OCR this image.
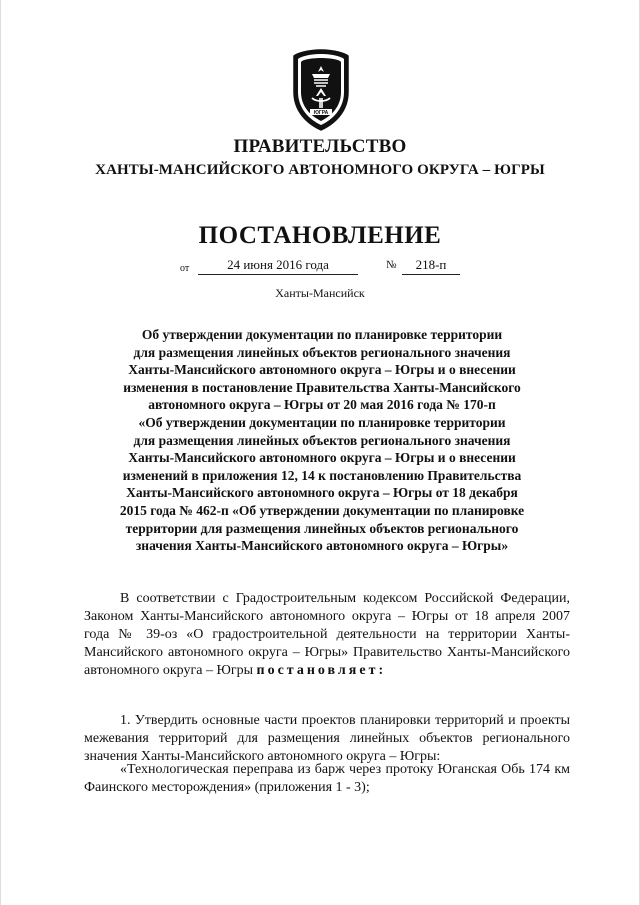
ЮГРА
ПРАВИТЕЛЬСТВО
ХАНТЫ-МАНСИЙСКОГО АВТОНОМНОГО ОКРУГА – ЮГРЫ
ПОСТАНОВЛЕНИЕ
от	24 июня 2016 года	№	218-п
Ханты-Мансийск
Об утверждении документации по планировке территории
для размещения линейных объектов регионального значения
Ханты-Мансийского автономного округа – Югры и о внесении
изменения в постановление Правительства Ханты-Мансийского
автономного округа – Югры от 20 мая 2016 года № 170-п
«Об утверждении документации по планировке территории
для размещения линейных объектов регионального значения
Ханты-Мансийского автономного округа – Югры и о внесении
изменений в приложения 12, 14 к постановлению Правительства
Ханты-Мансийского автономного округа – Югры от 18 декабря
2015 года № 462-п «Об утверждении документации по планировке
территории для размещения линейных объектов регионального
значения Ханты-Мансийского автономного округа – Югры»
В соответствии с Градостроительным кодексом Российской Федерации, Законом Ханты-Мансийского автономного округа – Югры от 18 апреля 2007 года № 39-оз «О градостроительной деятельности на территории Ханты-Мансийского автономного округа – Югры» Правительство Ханты-Мансийского автономного округа – Югры постановляет:
1. Утвердить основные части проектов планировки территорий и проекты межевания территорий для размещения линейных объектов регионального значения Ханты-Мансийского автономного округа – Югры:
«Технологическая переправа из барж через протоку Юганская Обь 174 км Фаинского месторождения» (приложения 1 - 3);
